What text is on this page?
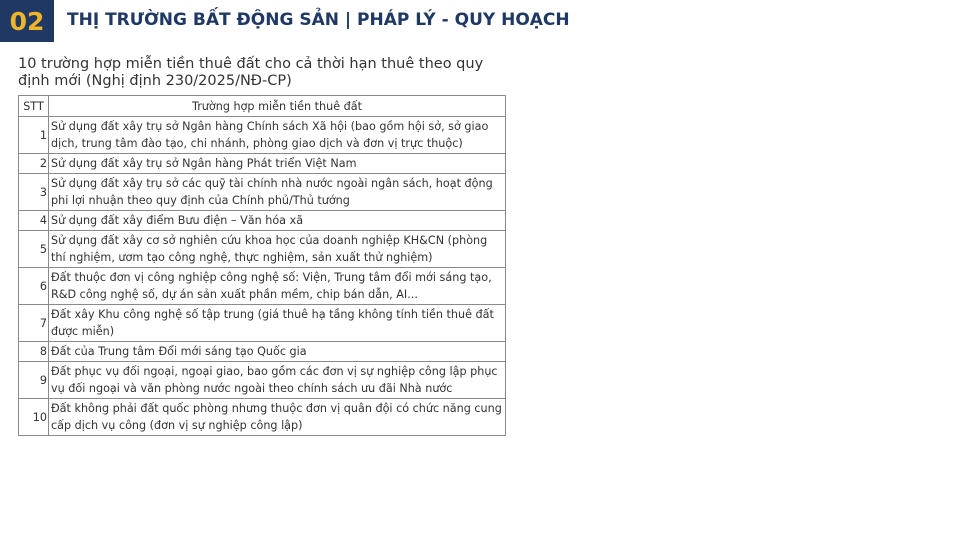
02	THỊ TRƯỜNG BẤT ĐỘNG SẢN | PHÁP LÝ - QUY HOẠCH
10 trường hợp miễn tiền thuê đất cho cả thời hạn thuê theo quy định mới (Nghị định 230/2025/NĐ-CP)
STT	Trường hợp miễn tiền thuê đất
1	Sử dụng đất xây trụ sở Ngân hàng Chính sách Xã hội (bao gồm hội sở, sở giao dịch, trung tâm đào tạo, chi nhánh, phòng giao dịch và đơn vị trực thuộc)
2	Sử dụng đất xây trụ sở Ngân hàng Phát triển Việt Nam
3	Sử dụng đất xây trụ sở các quỹ tài chính nhà nước ngoài ngân sách, hoạt động phi lợi nhuận theo quy định của Chính phủ/Thủ tướng
4	Sử dụng đất xây điểm Bưu điện – Văn hóa xã
5	Sử dụng đất xây cơ sở nghiên cứu khoa học của doanh nghiệp KH&CN (phòng thí nghiệm, ươm tạo công nghệ, thực nghiệm, sản xuất thử nghiệm)
6	Đất thuộc đơn vị công nghiệp công nghệ số: Viện, Trung tâm đổi mới sáng tạo, R&D công nghệ số, dự án sản xuất phần mềm, chip bán dẫn, AI...
7	Đất xây Khu công nghệ số tập trung (giá thuê hạ tầng không tính tiền thuê đất được miễn)
8	Đất của Trung tâm Đổi mới sáng tạo Quốc gia
9	Đất phục vụ đối ngoại, ngoại giao, bao gồm các đơn vị sự nghiệp công lập phục vụ đối ngoại và văn phòng nước ngoài theo chính sách ưu đãi Nhà nước
10	Đất không phải đất quốc phòng nhưng thuộc đơn vị quân đội có chức năng cung cấp dịch vụ công (đơn vị sự nghiệp công lập)
